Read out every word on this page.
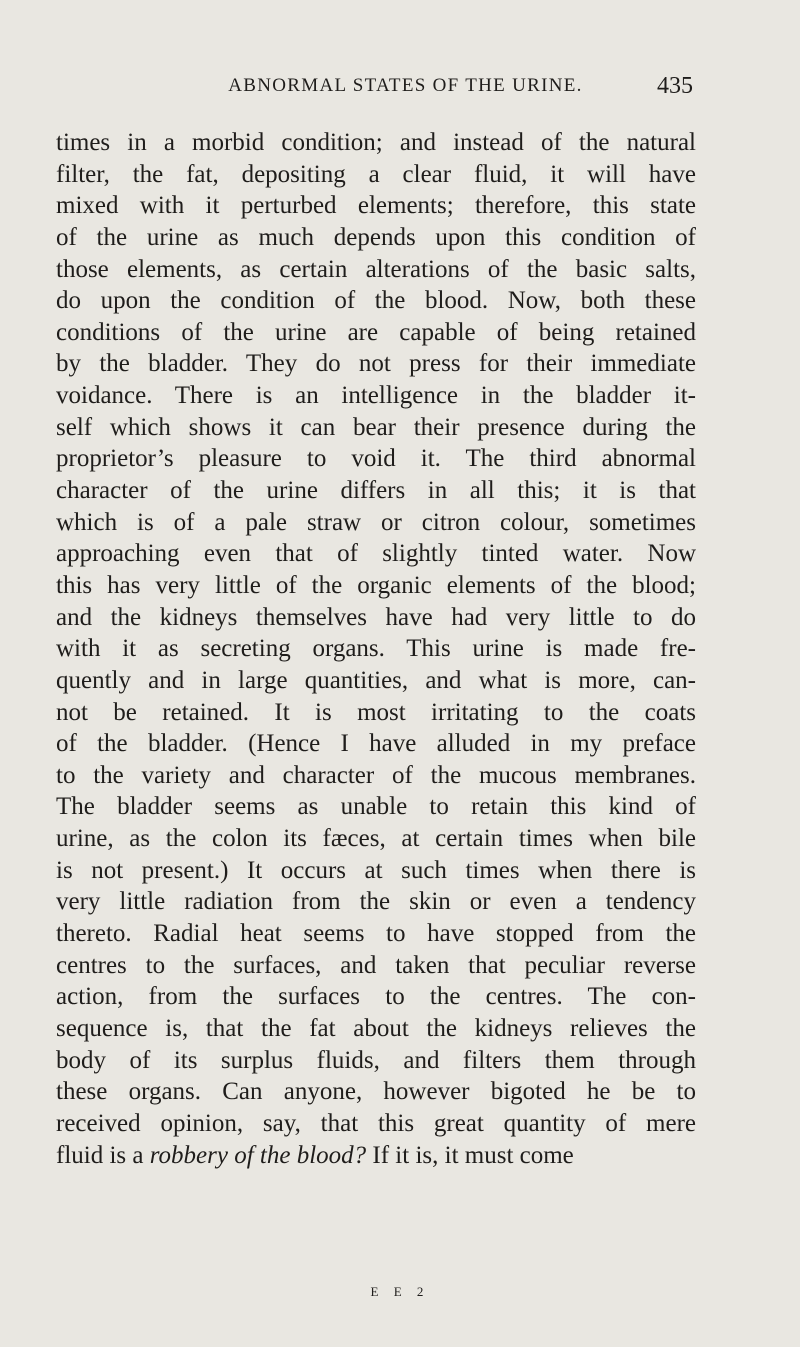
ABNORMAL STATES OF THE URINE.	435
times in a morbid condition; and instead of the natural
filter, the fat, depositing a clear fluid, it will have
mixed with it perturbed elements; therefore, this state
of the urine as much depends upon this condition of
those elements, as certain alterations of the basic salts,
do upon the condition of the blood. Now, both these
conditions of the urine are capable of being retained
by the bladder. They do not press for their immediate
voidance. There is an intelligence in the bladder it-
self which shows it can bear their presence during the
proprietor’s pleasure to void it. The third abnormal
character of the urine differs in all this; it is that
which is of a pale straw or citron colour, sometimes
approaching even that of slightly tinted water. Now
this has very little of the organic elements of the blood;
and the kidneys themselves have had very little to do
with it as secreting organs. This urine is made fre-
quently and in large quantities, and what is more, can-
not be retained. It is most irritating to the coats
of the bladder. (Hence I have alluded in my preface
to the variety and character of the mucous membranes.
The bladder seems as unable to retain this kind of
urine, as the colon its fæces, at certain times when bile
is not present.) It occurs at such times when there is
very little radiation from the skin or even a tendency
thereto. Radial heat seems to have stopped from the
centres to the surfaces, and taken that peculiar reverse
action, from the surfaces to the centres. The con-
sequence is, that the fat about the kidneys relieves the
body of its surplus fluids, and filters them through
these organs. Can anyone, however bigoted he be to
received opinion, say, that this great quantity of mere
fluid is a robbery of the blood? If it is, it must come
E E 2
